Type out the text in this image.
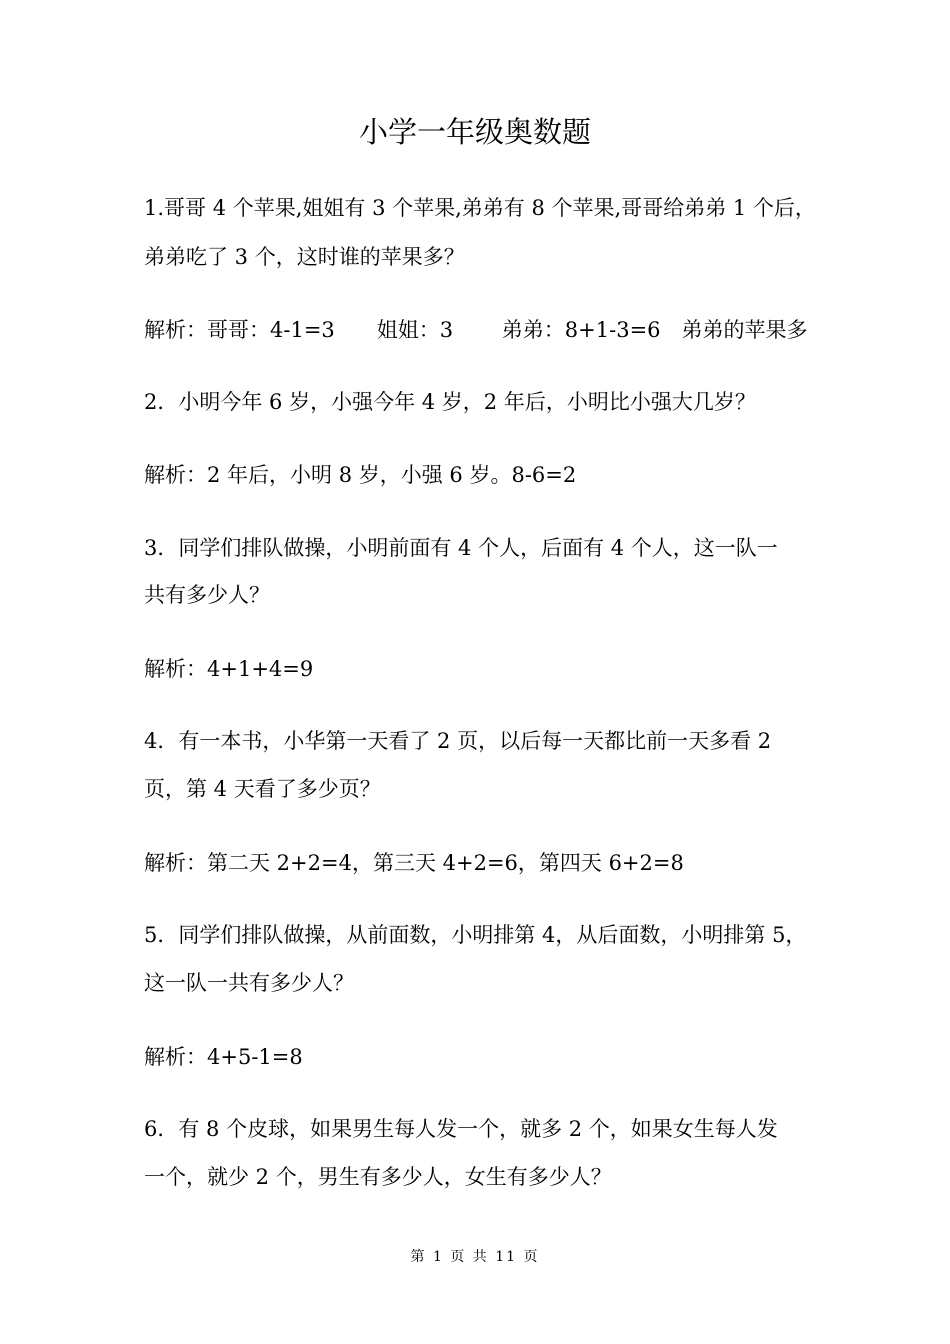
小学一年级奥数题

1.哥哥 4 个苹果,姐姐有 3 个苹果,弟弟有 8 个苹果,哥哥给弟弟 1 个后，

弟弟吃了 3 个，这时谁的苹果多？

解析：哥哥：4-1=3　　姐姐：3　　 弟弟：8+1-3=6　弟弟的苹果多

2．小明今年 6 岁，小强今年 4 岁，2 年后，小明比小强大几岁？

解析：2 年后，小明 8 岁，小强 6 岁。8-6=2

3．同学们排队做操，小明前面有 4 个人，后面有 4 个人，这一队一

共有多少人？

解析：4+1+4=9

4．有一本书，小华第一天看了 2 页，以后每一天都比前一天多看 2

页，第 4 天看了多少页？

解析：第二天 2+2=4，第三天 4+2=6，第四天 6+2=8

5．同学们排队做操，从前面数，小明排第 4，从后面数，小明排第 5，

这一队一共有多少人？

解析：4+5-1=8

6．有 8 个皮球，如果男生每人发一个，就多 2 个，如果女生每人发

一个，就少 2 个，男生有多少人，女生有多少人？

第 1 页 共 11 页
